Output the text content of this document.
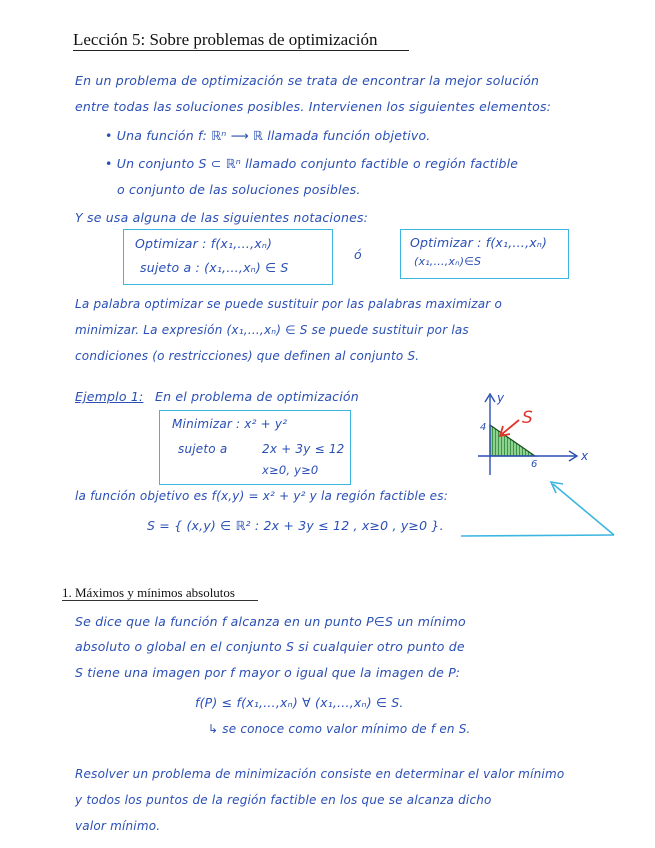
Lección 5: Sobre problemas de optimización
En un problema de optimización se trata de encontrar la mejor solución
entre todas las soluciones posibles. Intervienen los siguientes elementos:
• Una función f: ℝⁿ ⟶ ℝ llamada función objetivo.
• Un conjunto S ⊂ ℝⁿ llamado conjunto factible o región factible
o conjunto de las soluciones posibles.
Y se usa alguna de las siguientes notaciones:
Optimizar : f(x₁,…,xₙ)
sujeto a : (x₁,…,xₙ) ∈ S
ó
Optimizar : f(x₁,…,xₙ)
(x₁,…,xₙ)∈S
La palabra optimizar se puede sustituir por las palabras maximizar o
minimizar. La expresión (x₁,…,xₙ) ∈ S se puede sustituir por las
condiciones (o restricciones) que definen al conjunto S.
Ejemplo 1: En el problema de optimización
Minimizar : x² + y²
sujeto a	2x + 3y ≤ 12
x≥0, y≥0
y
x
4
6
S
la función objetivo es f(x,y) = x² + y² y la región factible es:
S = { (x,y) ∈ ℝ² : 2x + 3y ≤ 12 , x≥0 , y≥0 }.
1. Máximos y mínimos absolutos
Se dice que la función f alcanza en un punto P∈S un mínimo
absoluto o global en el conjunto S si cualquier otro punto de
S tiene una imagen por f mayor o igual que la imagen de P:
f(P) ≤ f(x₁,…,xₙ) ∀ (x₁,…,xₙ) ∈ S.
↳ se conoce como valor mínimo de f en S.
Resolver un problema de minimización consiste en determinar el valor mínimo
y todos los puntos de la región factible en los que se alcanza dicho
valor mínimo.
